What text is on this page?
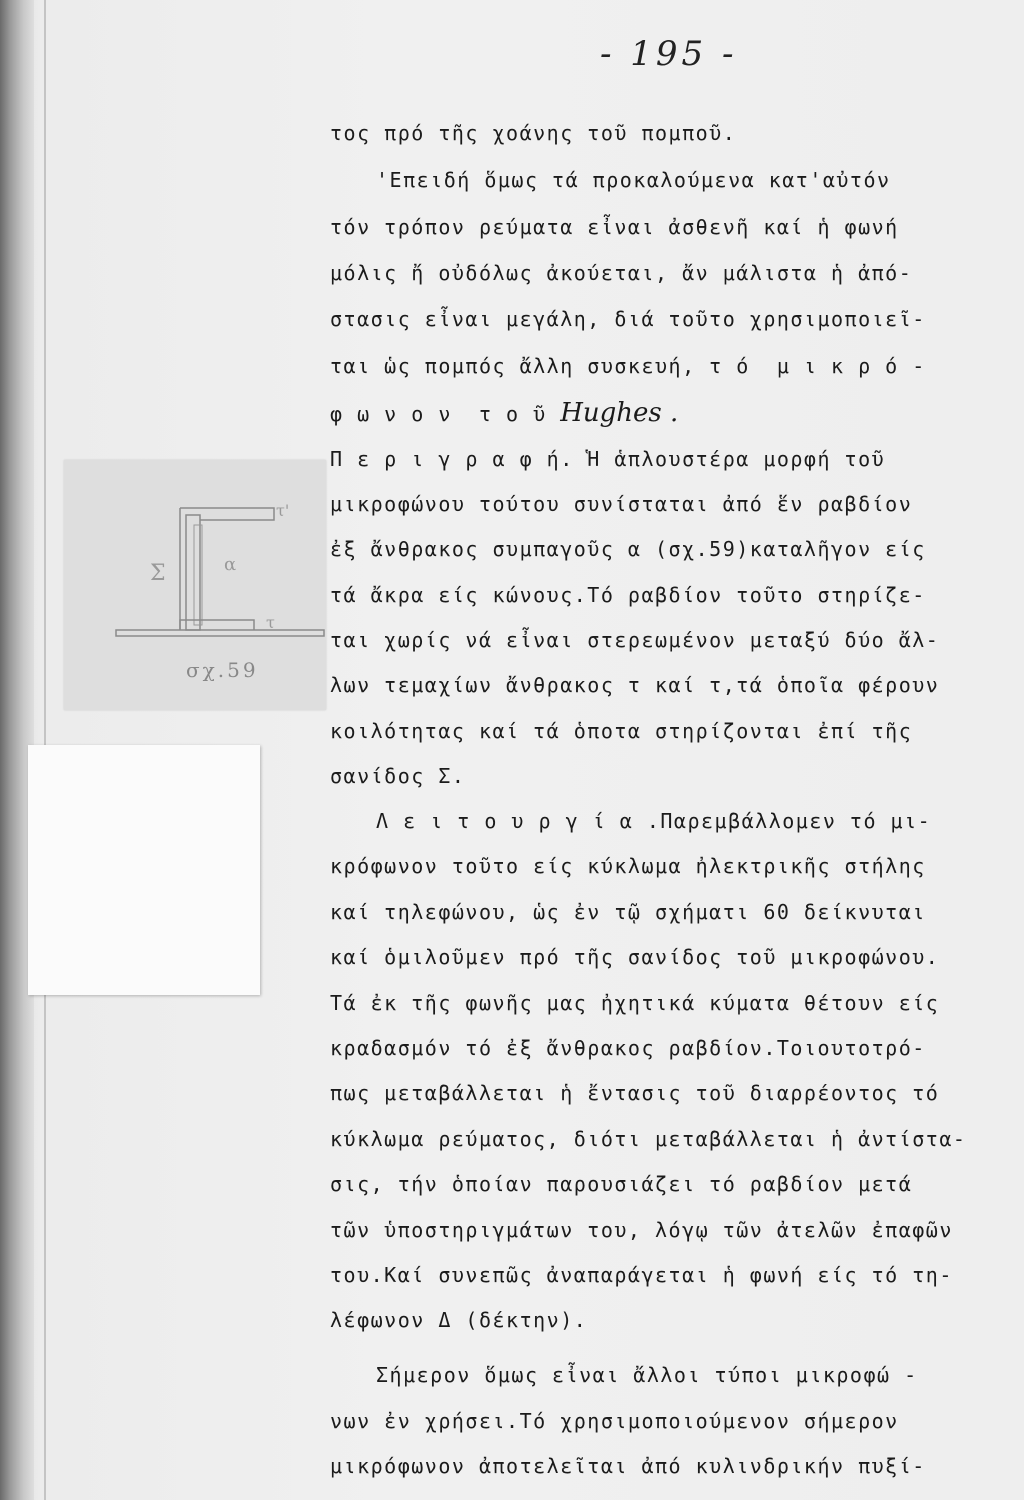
- 195 -
Σ	α
τ'
τ
σχ.59
τος πρό τῆς χοάνης τοῦ πομποῦ.
'Επειδή ὅμως τά προκαλούμενα κατ'αὐτόν
τόν τρόπον ρεύματα εἶναι ἀσθενῆ καί ἡ φωνή
μόλις ἤ οὐδόλως ἀκούεται, ἄν μάλιστα ἡ ἀπό-
στασις εἶναι μεγάλη, διά τοῦτο χρησιμοποιεῖ-
ται ὡς πομπός ἄλλη συσκευή, τ ό  μ ι κ ρ ό -
φ ω ν ο ν  τ ο ῦ Hughes .
Π ε ρ ι γ ρ α φ ή. Ἡ ἁπλουστέρα μορφή τοῦ
μικροφώνου τούτου συνίσταται ἀπό ἕν ραβδίον
ἐξ ἄνθρακος συμπαγοῦς α (σχ.59)καταλῆγον είς
τά ἄκρα είς κώνους.Τό ραβδίον τοῦτο στηρίζε-
ται χωρίς νά εἶναι στερεωμένον μεταξύ δύο ἄλ-
λων τεμαχίων ἄνθρακος τ καί τ,τά ὁποῖα φέρουν
κοιλότητας καί τά ὁποτα στηρίζονται ἐπί τῆς
σανίδος Σ.
Λ ε ι τ ο υ ρ γ ί α .Παρεμβάλλομεν τό μι-
κρόφωνον τοῦτο είς κύκλωμα ἠλεκτρικῆς στήλης
καί τηλεφώνου, ὡς ἐν τῷ σχήματι 60 δείκνυται
καί ὁμιλοῦμεν πρό τῆς σανίδος τοῦ μικροφώνου.
Τά ἐκ τῆς φωνῆς μας ἠχητικά κύματα θέτουν είς
κραδασμόν τό ἐξ ἄνθρακος ραβδίον.Τοιουτοτρό-
πως μεταβάλλεται ἡ ἔντασις τοῦ διαρρέοντος τό
κύκλωμα ρεύματος, διότι μεταβάλλεται ἡ ἀντίστα-
σις, τήν ὁποίαν παρουσιάζει τό ραβδίον μετά
τῶν ὑποστηριγμάτων του, λόγῳ τῶν ἀτελῶν ἐπαφῶν
του.Καί συνεπῶς ἀναπαράγεται ἡ φωνή είς τό τη-
λέφωνον Δ (δέκτην).
Σήμερον ὅμως εἶναι ἄλλοι τύποι μικροφώ -
νων ἐν χρήσει.Τό χρησιμοποιούμενον σήμερον
μικρόφωνον ἀποτελεῖται ἀπό κυλινδρικήν πυξί-
